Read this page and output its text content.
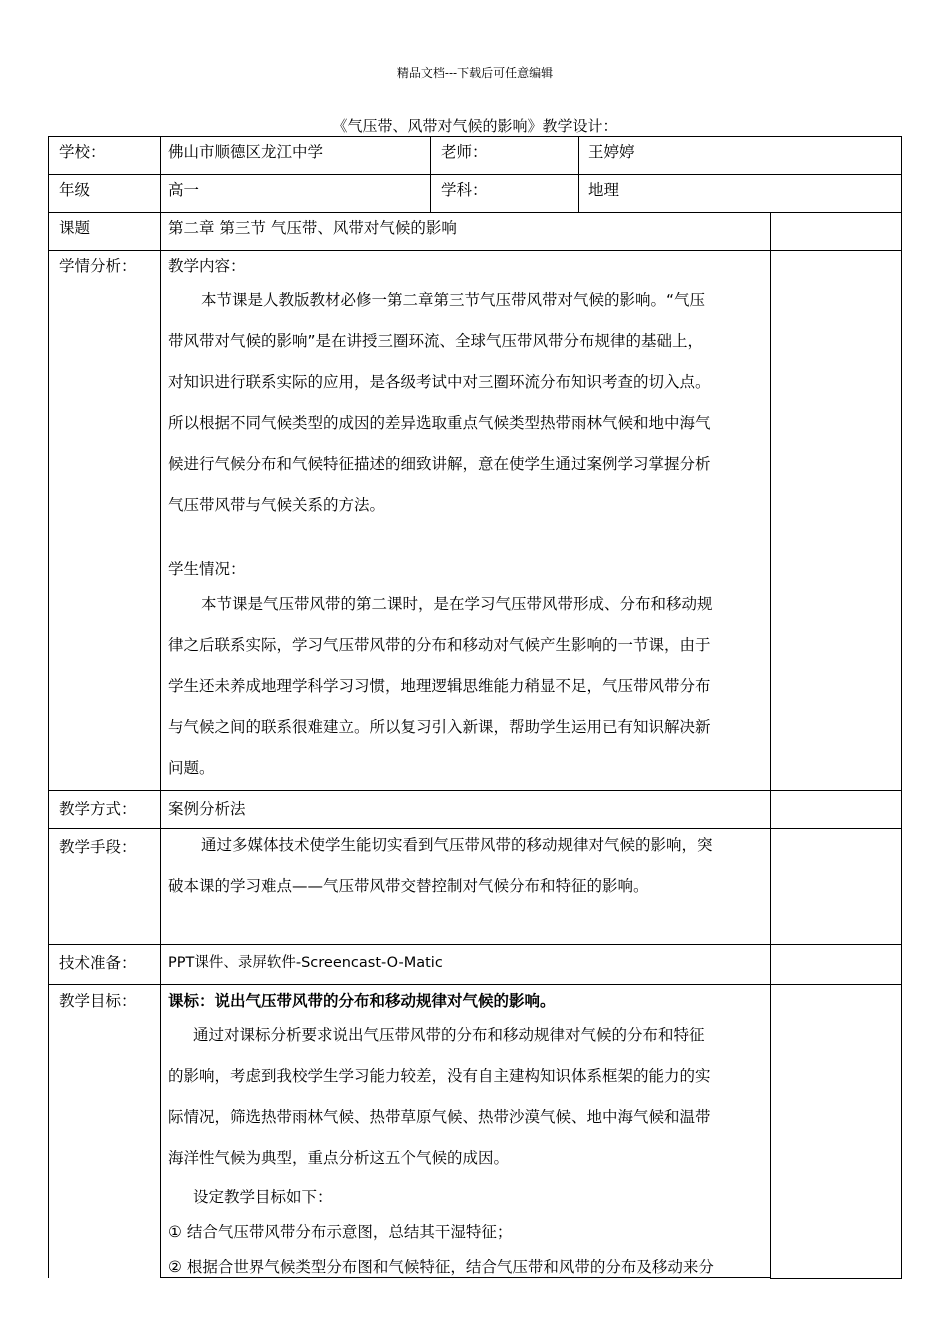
精品文档---下载后可任意编辑
《气压带、风带对气候的影响》教学设计：
学校：	佛山市顺德区龙江中学	老师：	王婷婷
年级	高一	学科：	地理
课题	第二章 第三节 气压带、风带对气候的影响
学情分析： 教学内容：

本节课是人教版教材必修一第二章第三节气压带风带对气候的影响。“气压

带风带对气候的影响”是在讲授三圈环流、全球气压带风带分布规律的基础上，

对知识进行联系实际的应用，是各级考试中对三圈环流分布知识考查的切入点。

所以根据不同气候类型的成因的差异选取重点气候类型热带雨林气候和地中海气

候进行气候分布和气候特征描述的细致讲解，意在使学生通过案例学习掌握分析

气压带风带与气候关系的方法。

学生情况：

本节课是气压带风带的第二课时，是在学习气压带风带形成、分布和移动规

律之后联系实际，学习气压带风带的分布和移动对气候产生影响的一节课，由于

学生还未养成地理学科学习习惯，地理逻辑思维能力稍显不足，气压带风带分布

与气候之间的联系很难建立。所以复习引入新课，帮助学生运用已有知识解决新

问题。

教学方式： 案例分析法
教学手段：	通过多媒体技术使学生能切实看到气压带风带的移动规律对气候的影响，突

破本课的学习难点——气压带风带交替控制对气候分布和特征的影响。

技术准备： PPT课件、录屏软件-Screencast-O-Matic
教学目标： 课标：说出气压带风带的分布和移动规律对气候的影响。

通过对课标分析要求说出气压带风带的分布和移动规律对气候的分布和特征

的影响，考虑到我校学生学习能力较差，没有自主建构知识体系框架的能力的实

际情况，筛选热带雨林气候、热带草原气候、热带沙漠气候、地中海气候和温带

海洋性气候为典型，重点分析这五个气候的成因。

设定教学目标如下：
① 结合气压带风带分布示意图，总结其干湿特征；
② 根据合世界气候类型分布图和气候特征，结合气压带和风带的分布及移动来分
